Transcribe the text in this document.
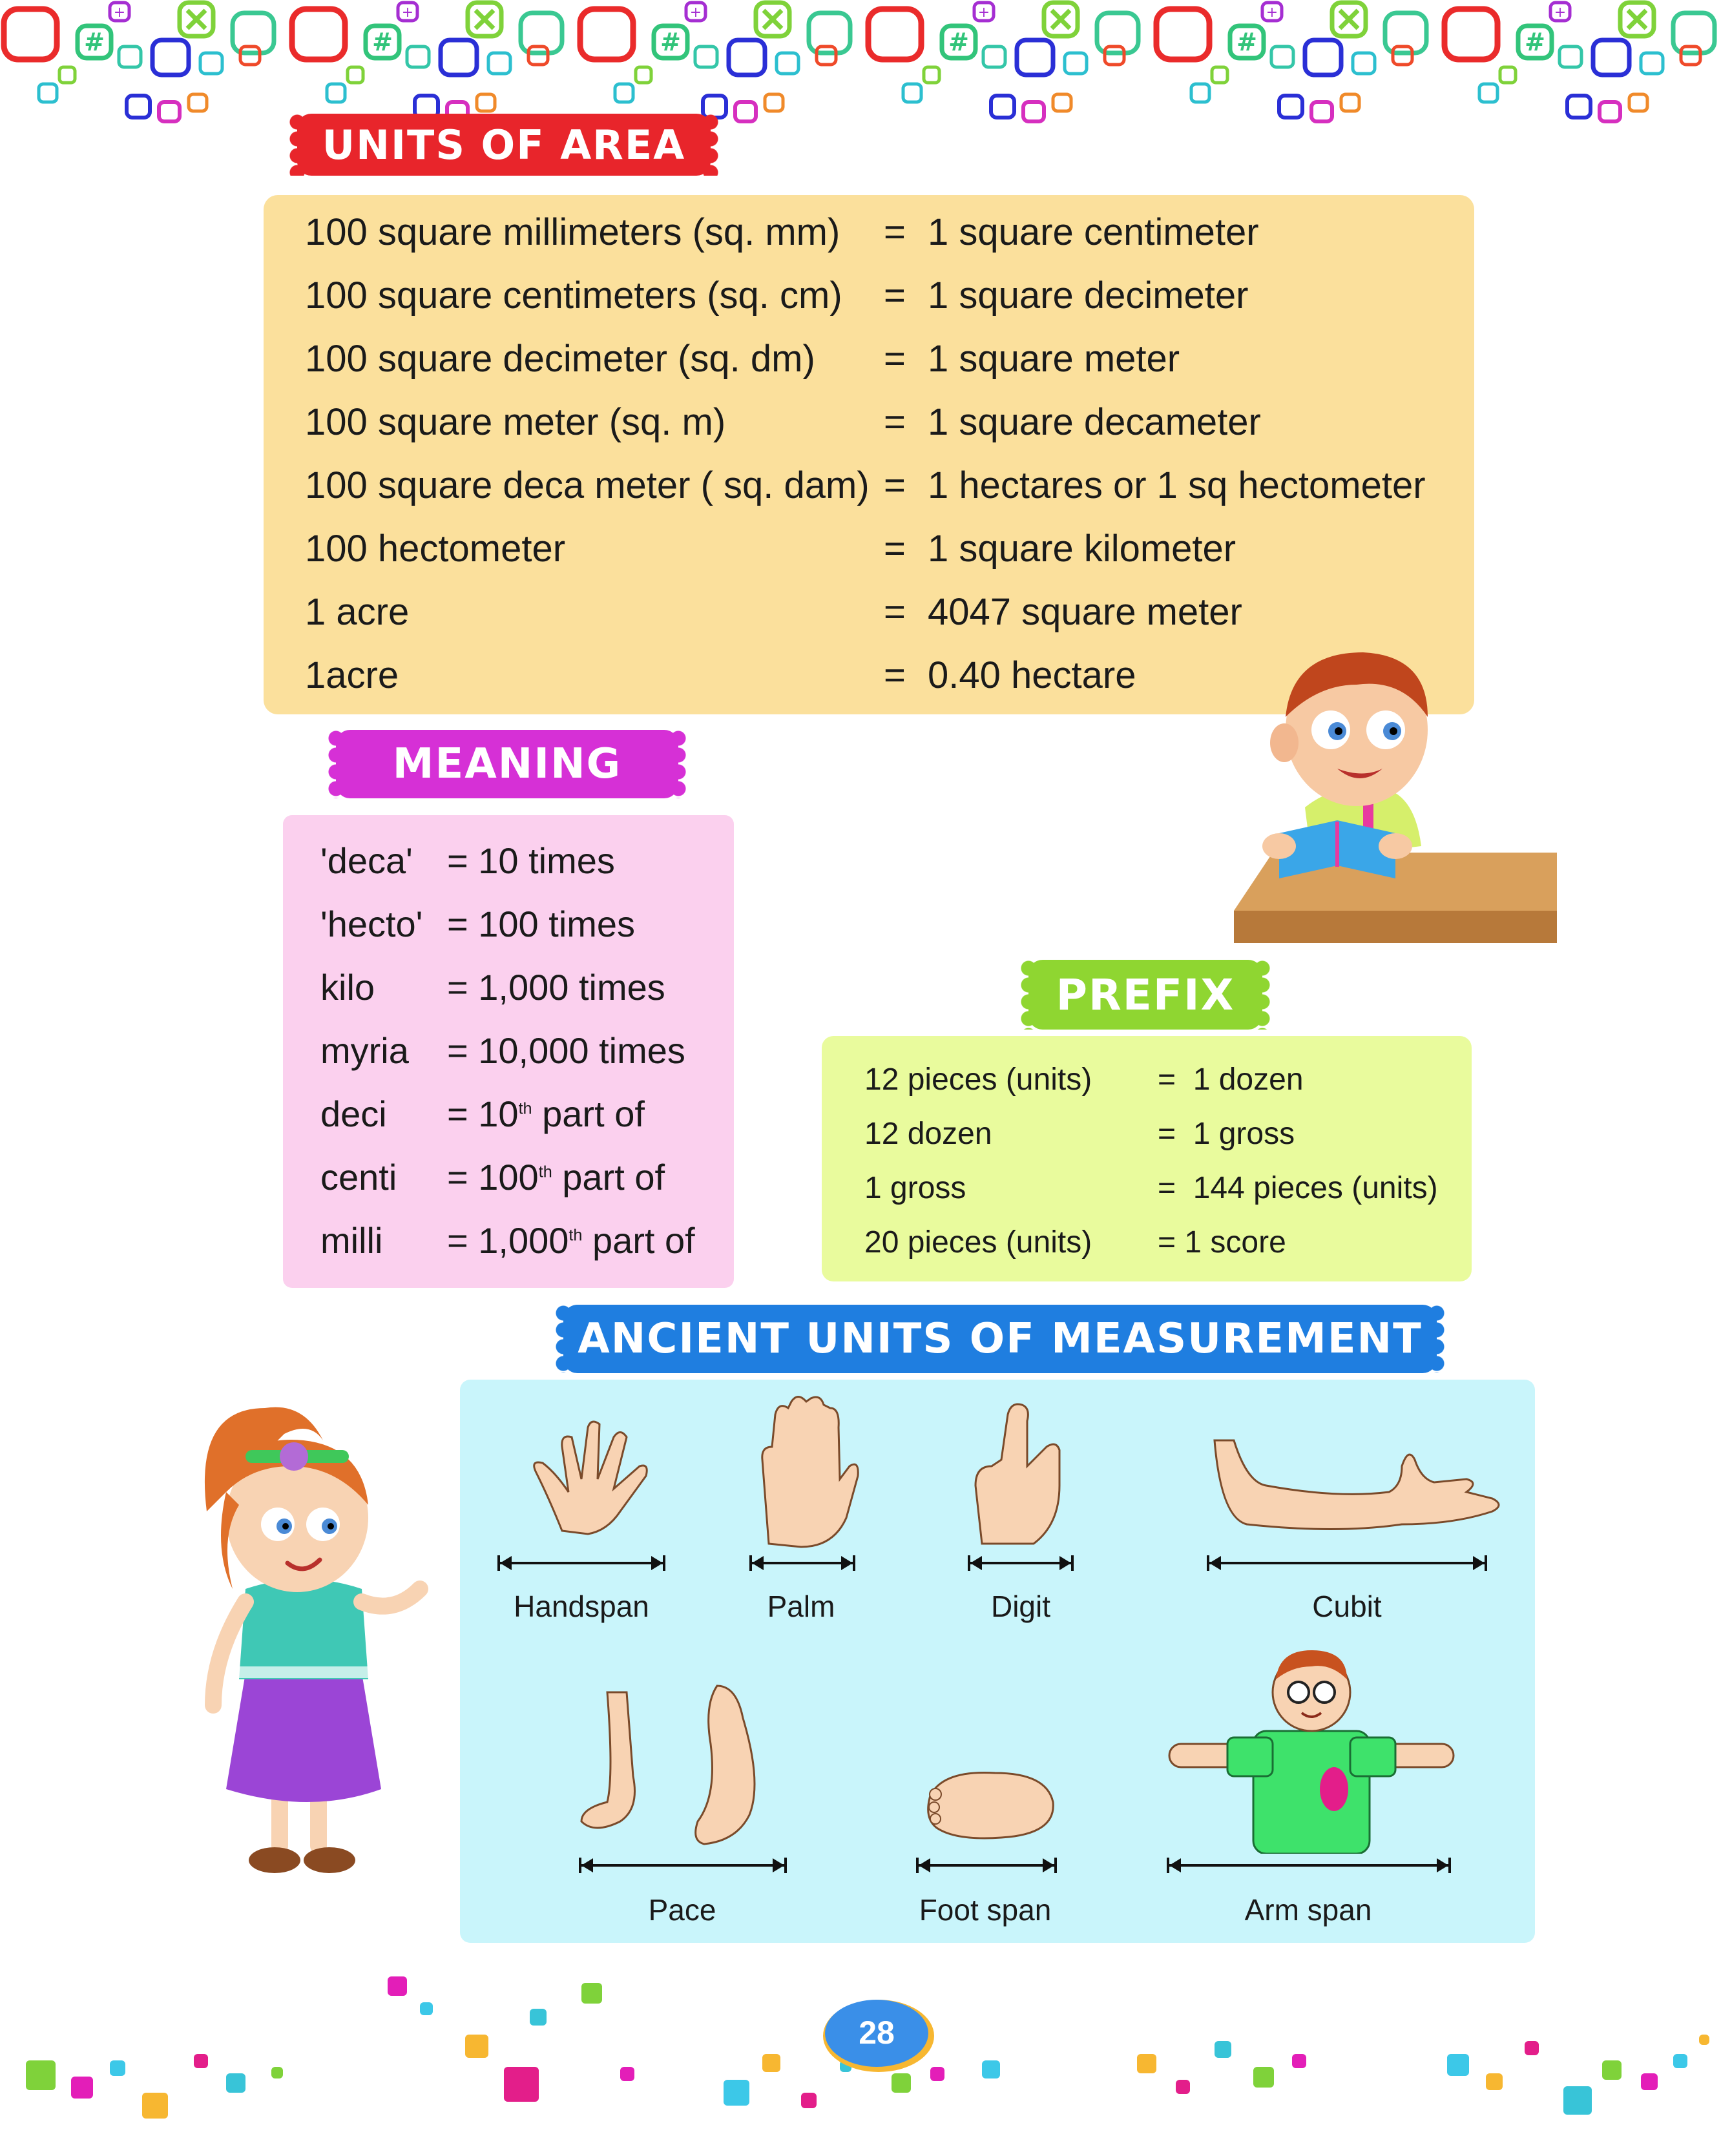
#
+
UNITS OF AREA
100 square millimeters (sq. mm) = 1 square centimeter
100 square centimeters (sq. cm) = 1 square decimeter
100 square decimeter (sq. dm) = 1 square meter
100 square meter (sq. m)	= 1 square decameter
100 square deca meter ( sq. dam) = 1 hectares or 1 sq hectometer
100 hectometer	= 1 square kilometer
1 acre	= 4047 square meter
1acre	= 0.40 hectare
MEANING
'deca' = 10 times
'hecto' = 100 times
kilo = 1,000 times
myria = 10,000 times
deci = 10th part of
centi = 100th part of
milli = 1,000th part of
PREFIX
12 pieces (units) =  1 dozen
12 dozen	=  1 gross
1 gross	=  144 pieces (units)
20 pieces (units) = 1 score
ANCIENT UNITS OF MEASUREMENT
Handspan	Palm	Digit	Cubit
Pace	Foot span	Arm span
28
